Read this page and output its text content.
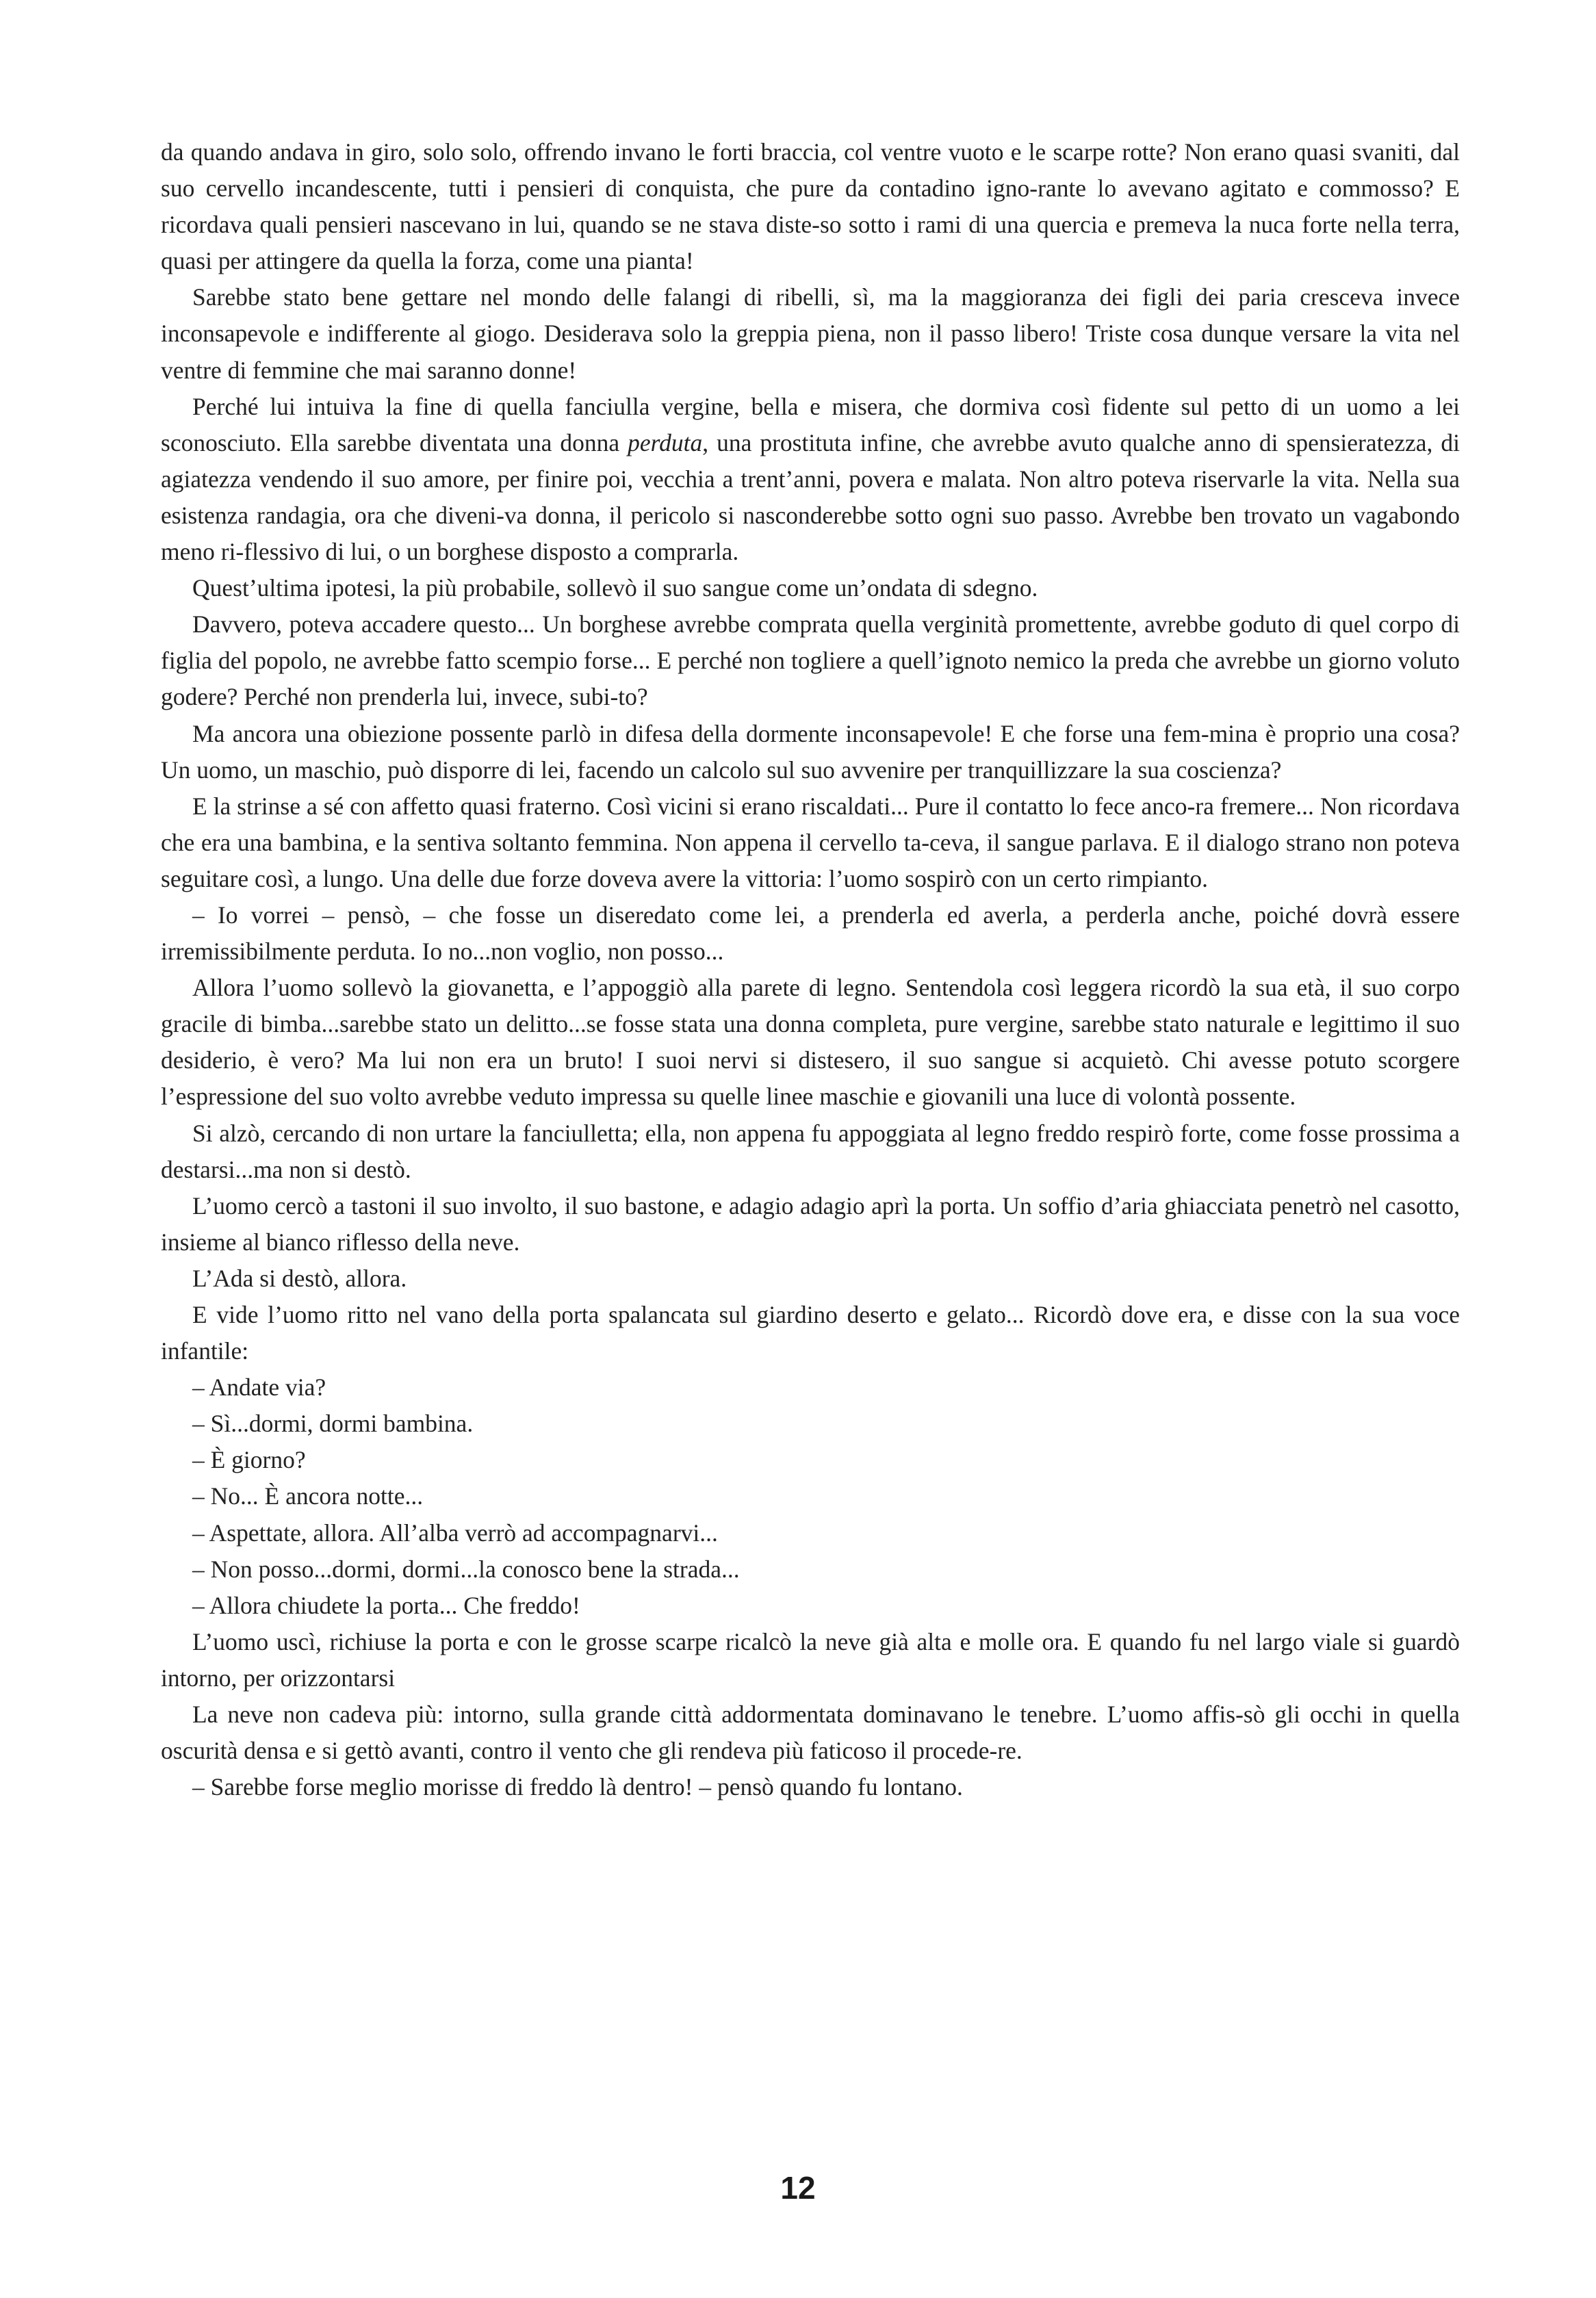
da quando andava in giro, solo solo, offrendo invano le forti braccia, col ventre vuoto e le scarpe rotte? Non erano quasi svaniti, dal suo cervello incandescente, tutti i pensieri di conquista, che pure da contadino igno-rante lo avevano agitato e commosso? E ricordava quali pensieri nascevano in lui, quando se ne stava diste-so sotto i rami di una quercia e premeva la nuca forte nella terra, quasi per attingere da quella la forza, come una pianta!

Sarebbe stato bene gettare nel mondo delle falangi di ribelli, sì, ma la maggioranza dei figli dei paria cresceva invece inconsapevole e indifferente al giogo. Desiderava solo la greppia piena, non il passo libero! Triste cosa dunque versare la vita nel ventre di femmine che mai saranno donne!

Perché lui intuiva la fine di quella fanciulla vergine, bella e misera, che dormiva così fidente sul petto di un uomo a lei sconosciuto. Ella sarebbe diventata una donna perduta, una prostituta infine, che avrebbe avuto qualche anno di spensieratezza, di agiatezza vendendo il suo amore, per finire poi, vecchia a trent’anni, povera e malata. Non altro poteva riservarle la vita. Nella sua esistenza randagia, ora che diveni-va donna, il pericolo si nasconderebbe sotto ogni suo passo. Avrebbe ben trovato un vagabondo meno ri-flessivo di lui, o un borghese disposto a comprarla.

Quest’ultima ipotesi, la più probabile, sollevò il suo sangue come un’ondata di sdegno.

Davvero, poteva accadere questo... Un borghese avrebbe comprata quella verginità promettente, avrebbe goduto di quel corpo di figlia del popolo, ne avrebbe fatto scempio forse... E perché non togliere a quell’ignoto nemico la preda che avrebbe un giorno voluto godere? Perché non prenderla lui, invece, subi-to?

Ma ancora una obiezione possente parlò in difesa della dormente inconsapevole! E che forse una fem-mina è proprio una cosa? Un uomo, un maschio, può disporre di lei, facendo un calcolo sul suo avvenire per tranquillizzare la sua coscienza?

E la strinse a sé con affetto quasi fraterno. Così vicini si erano riscaldati... Pure il contatto lo fece anco-ra fremere... Non ricordava che era una bambina, e la sentiva soltanto femmina. Non appena il cervello ta-ceva, il sangue parlava. E il dialogo strano non poteva seguitare così, a lungo. Una delle due forze doveva avere la vittoria: l’uomo sospirò con un certo rimpianto.

– Io vorrei – pensò, – che fosse un diseredato come lei, a prenderla ed averla, a perderla anche, poiché dovrà essere irremissibilmente perduta. Io no...non voglio, non posso...

Allora l’uomo sollevò la giovanetta, e l’appoggiò alla parete di legno. Sentendola così leggera ricordò la sua età, il suo corpo gracile di bimba...sarebbe stato un delitto...se fosse stata una donna completa, pure vergine, sarebbe stato naturale e legittimo il suo desiderio, è vero? Ma lui non era un bruto! I suoi nervi si distesero, il suo sangue si acquietò. Chi avesse potuto scorgere l’espressione del suo volto avrebbe veduto impressa su quelle linee maschie e giovanili una luce di volontà possente.

Si alzò, cercando di non urtare la fanciulletta; ella, non appena fu appoggiata al legno freddo respirò forte, come fosse prossima a destarsi...ma non si destò.

L’uomo cercò a tastoni il suo involto, il suo bastone, e adagio adagio aprì la porta. Un soffio d’aria ghiacciata penetrò nel casotto, insieme al bianco riflesso della neve.

L’Ada si destò, allora.

E vide l’uomo ritto nel vano della porta spalancata sul giardino deserto e gelato... Ricordò dove era, e disse con la sua voce infantile:

– Andate via?

– Sì...dormi, dormi bambina.

– È giorno?

– No... È ancora notte...

– Aspettate, allora. All’alba verrò ad accompagnarvi...

– Non posso...dormi, dormi...la conosco bene la strada...

– Allora chiudete la porta... Che freddo!

L’uomo uscì, richiuse la porta e con le grosse scarpe ricalcò la neve già alta e molle ora. E quando fu nel largo viale si guardò intorno, per orizzontarsi

La neve non cadeva più: intorno, sulla grande città addormentata dominavano le tenebre. L’uomo affis-sò gli occhi in quella oscurità densa e si gettò avanti, contro il vento che gli rendeva più faticoso il procede-re.

– Sarebbe forse meglio morisse di freddo là dentro! – pensò quando fu lontano.

12
